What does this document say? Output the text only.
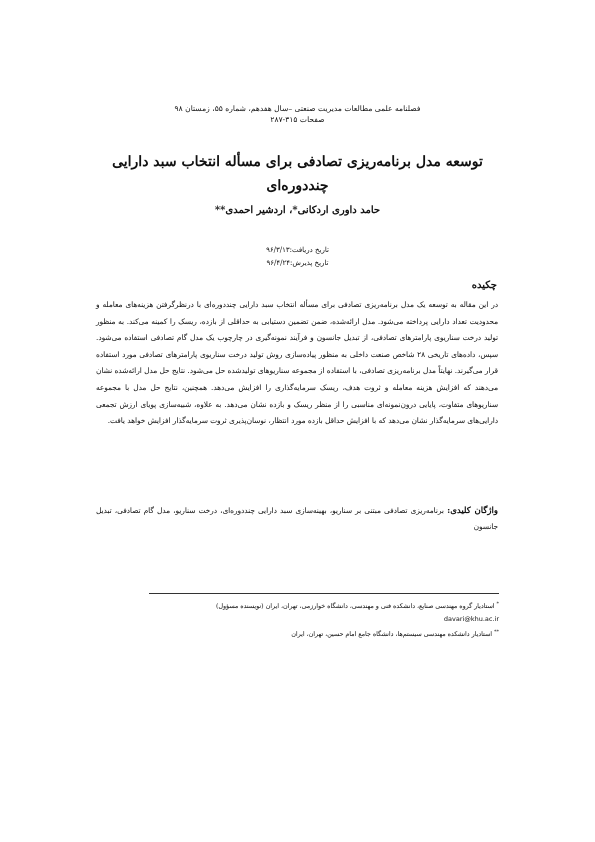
فصلنامه علمی مطالعات مدیریت صنعتی –سال هفدهم، شماره ۵۵، زمستان ۹۸
صفحات ۳۱۵-۲۸۷
توسعه مدل برنامه‌ریزی تصادفی برای مسأله انتخاب سبد دارایی چنددوره‌ای
حامد داوری اردکانی*، اردشیر احمدی**
تاریخ دریافت:۹۶/۳/۱۳
تاریخ پذیرش:۹۶/۴/۲۴
چکیده

در این مقاله به توسعه یک مدل برنامه‌ریزی تصادفی برای مسأله انتخاب سبد دارایی چنددوره‌ای با درنظرگرفتن هزینه‌های معامله و محدودیت تعداد دارایی پرداخته می‌شود. مدل ارائه‌شده، ضمن تضمین دستیابی به حداقلی از بازده، ریسک را کمینه می‌کند. به منظور تولید درخت سناریوی پارامترهای تصادفی، از تبدیل جانسون و فرآیند نمونه‌گیری در چارچوب یک مدل گام تصادفی استفاده می‌شود. سپس، داده‌های تاریخی ۲۸ شاخص صنعت داخلی به منظور پیاده‌سازی روش تولید درخت سناریوی پارامترهای تصادفی مورد استفاده قرار می‌گیرند. نهایتاً مدل برنامه‌ریزی تصادفی، با استفاده از مجموعه سناریوهای تولیدشده حل می‌شود. نتایج حل مدل ارائه‌شده نشان می‌دهند که افزایش هزینه معامله و ثروت هدف، ریسک سرمایه‌گذاری را افزایش می‌دهد. همچنین، نتایج حل مدل با مجموعه سناریوهای متفاوت، پایایی درون‌نمونه‌ای مناسبی را از منظر ریسک و بازده نشان می‌دهد. به علاوه، شبیه‌سازی پویای ارزش تجمعی دارایی‌های سرمایه‌گذار نشان می‌دهد که با افزایش حداقل بازده مورد انتظار، نوسان‌پذیری ثروت سرمایه‌گذار افزایش خواهد یافت.

واژگان کلیدی: برنامه‌ریزی تصادفی مبتنی بر سناریو، بهینه‌سازی سبد دارایی چنددوره‌ای، درخت سناریو، مدل گام تصادفی، تبدیل جانسون

* استادیار گروه مهندسی صنایع، دانشکده فنی و مهندسی، دانشگاه خوارزمی، تهران، ایران (نویسنده مسؤول)
davari@khu.ac.ir
** استادیار دانشکده مهندسی سیستم‌ها، دانشگاه جامع امام حسین، تهران، ایران
